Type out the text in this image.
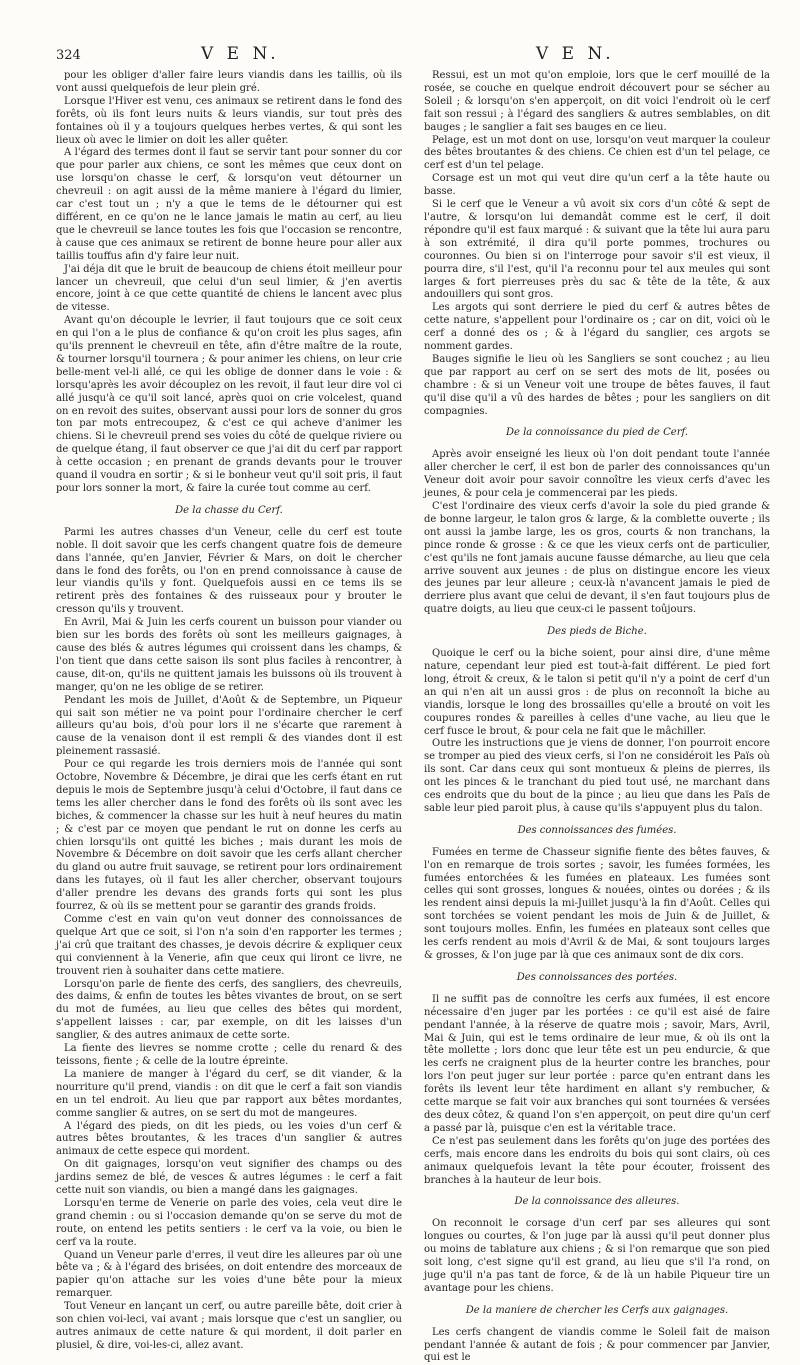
324	V E N.	V E N.

pour les obliger d'aller faire leurs viandis dans les taillis, où ils vont aussi quelquefois de leur plein gré.

Lorsque l'Hiver est venu, ces animaux se retirent dans le fond des forêts, où ils font leurs nuits & leurs viandis, sur tout près des fontaines où il y a toujours quelques herbes vertes, & qui sont les lieux où avec le limier on doit les aller quêter.

A l'égard des termes dont il faut se servir tant pour sonner du cor que pour parler aux chiens, ce sont les mêmes que ceux dont on use lorsqu'on chasse le cerf, & lorsqu'on veut détourner un chevreuil : on agit aussi de la même maniere à l'égard du limier, car c'est tout un ; n'y a que le tems de le détourner qui est différent, en ce qu'on ne le lance jamais le matin au cerf, au lieu que le chevreuil se lance toutes les fois que l'occasion se rencontre, à cause que ces animaux se retirent de bonne heure pour aller aux taillis touffus afin d'y faire leur nuit.

J'ai déja dit que le bruit de beaucoup de chiens étoit meilleur pour lancer un chevreuil, que celui d'un seul limier, & j'en avertis encore, joint à ce que cette quantité de chiens le lancent avec plus de vitesse.

Avant qu'on découple le levrier, il faut toujours que ce soit ceux en qui l'on a le plus de confiance & qu'on croit les plus sages, afin qu'ils prennent le chevreuil en tête, afin d'être maître de la route, & tourner lorsqu'il tournera ; & pour animer les chiens, on leur crie belle-ment vel-li allé, ce qui les oblige de donner dans le voie : & lorsqu'après les avoir découplez on les revoit, il faut leur dire vol ci allé jusqu'à ce qu'il soit lancé, après quoi on crie volcelest, quand on en revoit des suites, observant aussi pour lors de sonner du gros ton par mots entrecoupez, & c'est ce qui acheve d'animer les chiens. Si le chevreuil prend ses voies du côté de quelque riviere ou de quelque étang, il faut observer ce que j'ai dit du cerf par rapport à cette occasion ; en prenant de grands devants pour le trouver quand il voudra en sortir ; & si le bonheur veut qu'il soit pris, il faut pour lors sonner la mort, & faire la curée tout comme au cerf.

De la chasse du Cerf.

Parmi les autres chasses d'un Veneur, celle du cerf est toute noble. Il doit savoir que les cerfs changent quatre fois de demeure dans l'année, qu'en Janvier, Février & Mars, on doit le chercher dans le fond des forêts, ou l'on en prend connoissance à cause de leur viandis qu'ils y font. Quelquefois aussi en ce tems ils se retirent près des fontaines & des ruisseaux pour y brouter le cresson qu'ils y trouvent.

En Avril, Mai & Juin les cerfs courent un buisson pour viander ou bien sur les bords des forêts où sont les meilleurs gaignages, à cause des blés & autres légumes qui croissent dans les champs, & l'on tient que dans cette saison ils sont plus faciles à rencontrer, à cause, dit-on, qu'ils ne quittent jamais les buissons où ils trouvent à manger, qu'on ne les oblige de se retirer.

Pendant les mois de Juillet, d'Août & de Septembre, un Piqueur qui sait son métier ne va point pour l'ordinaire chercher le cerf ailleurs qu'au bois, d'où pour lors il ne s'écarte que rarement à cause de la venaison dont il est rempli & des viandes dont il est pleinement rassasié.

Pour ce qui regarde les trois derniers mois de l'année qui sont Octobre, Novembre & Décembre, je dirai que les cerfs étant en rut depuis le mois de Septembre jusqu'à celui d'Octobre, il faut dans ce tems les aller chercher dans le fond des forêts où ils sont avec les biches, & commencer la chasse sur les huit à neuf heures du matin ; & c'est par ce moyen que pendant le rut on donne les cerfs au chien lorsqu'ils ont quitté les biches ; mais durant les mois de Novembre & Décembre on doit savoir que les cerfs allant chercher du gland ou autre fruit sauvage, se retirent pour lors ordinairement dans les futayes, où il faut les aller chercher, observant toujours d'aller prendre les devans des grands forts qui sont les plus fourrez, & où ils se mettent pour se garantir des grands froids.

Comme c'est en vain qu'on veut donner des connoissances de quelque Art que ce soit, si l'on n'a soin d'en rapporter les termes ; j'ai crû que traitant des chasses, je devois décrire & expliquer ceux qui conviennent à la Venerie, afin que ceux qui liront ce livre, ne trouvent rien à souhaiter dans cette matiere.

Lorsqu'on parle de fiente des cerfs, des sangliers, des chevreuils, des daims, & enfin de toutes les bêtes vivantes de brout, on se sert du mot de fumées, au lieu que celles des bêtes qui mordent, s'appellent laisses : car, par exemple, on dit les laisses d'un sanglier, & des autres animaux de cette sorte.

La fiente des lievres se nomme crotte ; celle du renard & des teissons, fiente ; & celle de la loutre épreinte.

La maniere de manger à l'égard du cerf, se dit viander, & la nourriture qu'il prend, viandis : on dit que le cerf a fait son viandis en un tel endroit. Au lieu que par rapport aux bêtes mordantes, comme sanglier & autres, on se sert du mot de mangeures.

A l'égard des pieds, on dit les pieds, ou les voies d'un cerf & autres bêtes broutantes, & les traces d'un sanglier & autres animaux de cette espece qui mordent.

On dit gaignages, lorsqu'on veut signifier des champs ou des jardins semez de blé, de vesces & autres légumes : le cerf a fait cette nuit son viandis, ou bien a mangé dans les gaignages.

Lorsqu'en terme de Venerie on parle des voies, cela veut dire le grand chemin : ou si l'occasion demande qu'on se serve du mot de route, on entend les petits sentiers : le cerf va la voie, ou bien le cerf va la route.

Quand un Veneur parle d'erres, il veut dire les alleures par où une bête va ; & à l'égard des brisées, on doit entendre des morceaux de papier qu'on attache sur les voies d'une bête pour la mieux remarquer.

Tout Veneur en lançant un cerf, ou autre pareille bête, doit crier à son chien voi-leci, vai avant ; mais lorsque que c'est un sanglier, ou autres animaux de cette nature & qui mordent, il doit parler en plusiel, & dire, voi-les-ci, allez avant.

Ressui, est un mot qu'on emploie, lors que le cerf mouillé de la rosée, se couche en quelque endroit découvert pour se sécher au Soleil ; & lorsqu'on s'en apperçoit, on dit voici l'endroit où le cerf fait son ressui ; à l'égard des sangliers & autres semblables, on dit bauges ; le sanglier a fait ses bauges en ce lieu.

Pelage, est un mot dont on use, lorsqu'on veut marquer la couleur des bêtes broutantes & des chiens. Ce chien est d'un tel pelage, ce cerf est d'un tel pelage.

Corsage est un mot qui veut dire qu'un cerf a la tête haute ou basse.

Si le cerf que le Veneur a vû avoit six cors d'un côté & sept de l'autre, & lorsqu'on lui demandât comme est le cerf, il doit répondre qu'il est faux marqué : & suivant que la tête lui aura paru à son extrémité, il dira qu'il porte pommes, trochures ou couronnes. Ou bien si on l'interroge pour savoir s'il est vieux, il pourra dire, s'il l'est, qu'il l'a reconnu pour tel aux meules qui sont larges & fort pierreuses près du sac & tête de la tête, & aux andouillers qui sont gros.

Les argots qui sont derriere le pied du cerf & autres bêtes de cette nature, s'appellent pour l'ordinaire os ; car on dit, voici où le cerf a donné des os ; & à l'égard du sanglier, ces argots se nomment gardes.

Bauges signifie le lieu où les Sangliers se sont couchez ; au lieu que par rapport au cerf on se sert des mots de lit, posées ou chambre : & si un Veneur voit une troupe de bêtes fauves, il faut qu'il dise qu'il a vû des hardes de bêtes ; pour les sangliers on dit compagnies.

De la connoissance du pied de Cerf.

Après avoir enseigné les lieux où l'on doit pendant toute l'année aller chercher le cerf, il est bon de parler des connoissances qu'un Veneur doit avoir pour savoir connoître les vieux cerfs d'avec les jeunes, & pour cela je commencerai par les pieds.

C'est l'ordinaire des vieux cerfs d'avoir la sole du pied grande & de bonne largeur, le talon gros & large, & la comblette ouverte ; ils ont aussi la jambe large, les os gros, courts & non tranchans, la pince ronde & grosse : & ce que les vieux cerfs ont de particulier, c'est qu'ils ne font jamais aucune fausse démarche, au lieu que cela arrive souvent aux jeunes : de plus on distingue encore les vieux des jeunes par leur alleure ; ceux-là n'avancent jamais le pied de derriere plus avant que celui de devant, il s'en faut toujours plus de quatre doigts, au lieu que ceux-ci le passent toûjours.

Des pieds de Biche.

Quoique le cerf ou la biche soient, pour ainsi dire, d'une même nature, cependant leur pied est tout-à-fait différent. Le pied fort long, étroit & creux, & le talon si petit qu'il n'y a point de cerf d'un an qui n'en ait un aussi gros : de plus on reconnoît la biche au viandis, lorsque le long des brossailles qu'elle a brouté on voit les coupures rondes & pareilles à celles d'une vache, au lieu que le cerf fusce le brout, & pour cela ne fait que le mâchiller.

Outre les instructions que je viens de donner, l'on pourroit encore se tromper au pied des vieux cerfs, si l'on ne considéroit les Païs où ils sont. Car dans ceux qui sont montueux & pleins de pierres, ils ont les pinces & le tranchant du pied tout usé, ne marchant dans ces endroits que du bout de la pince ; au lieu que dans les Païs de sable leur pied paroit plus, à cause qu'ils s'appuyent plus du talon.

Des connoissances des fumées.

Fumées en terme de Chasseur signifie fiente des bêtes fauves, & l'on en remarque de trois sortes ; savoir, les fumées formées, les fumées entorchées & les fumées en plateaux. Les fumées sont celles qui sont grosses, longues & nouées, ointes ou dorées ; & ils les rendent ainsi depuis la mi-Juillet jusqu'à la fin d'Août. Celles qui sont torchées se voient pendant les mois de Juin & de Juillet, & sont toujours molles. Enfin, les fumées en plateaux sont celles que les cerfs rendent au mois d'Avril & de Mai, & sont toujours larges & grosses, & l'on juge par là que ces animaux sont de dix cors.

Des connoissances des portées.

Il ne suffit pas de connoître les cerfs aux fumées, il est encore nécessaire d'en juger par les portées : ce qu'il est aisé de faire pendant l'année, à la réserve de quatre mois ; savoir, Mars, Avril, Mai & Juin, qui est le tems ordinaire de leur mue, & où ils ont la tête mollette ; lors donc que leur tête est un peu endurcie, & que les cerfs ne craignent plus de la heurter contre les branches, pour lors l'on peut juger sur leur portée : parce qu'en entrant dans les forêts ils levent leur tête hardiment en allant s'y rembucher, & cette marque se fait voir aux branches qui sont tournées & versées des deux côtez, & quand l'on s'en apperçoit, on peut dire qu'un cerf a passé par là, puisque c'en est la véritable trace.

Ce n'est pas seulement dans les forêts qu'on juge des portées des cerfs, mais encore dans les endroits du bois qui sont clairs, où ces animaux quelquefois levant la tête pour écouter, froissent des branches à la hauteur de leur bois.

De la connoissance des alleures.

On reconnoit le corsage d'un cerf par ses alleures qui sont longues ou courtes, & l'on juge par là aussi qu'il peut donner plus ou moins de tablature aux chiens ; & si l'on remarque que son pied soit long, c'est signe qu'il est grand, au lieu que s'il l'a rond, on juge qu'il n'a pas tant de force, & de là un habile Piqueur tire un avantage pour les chiens.

De la maniere de chercher les Cerfs aux gaignages.

Les cerfs changent de viandis comme le Soleil fait de maison pendant l'année & autant de fois ; & pour commencer par Janvier, qui est le
